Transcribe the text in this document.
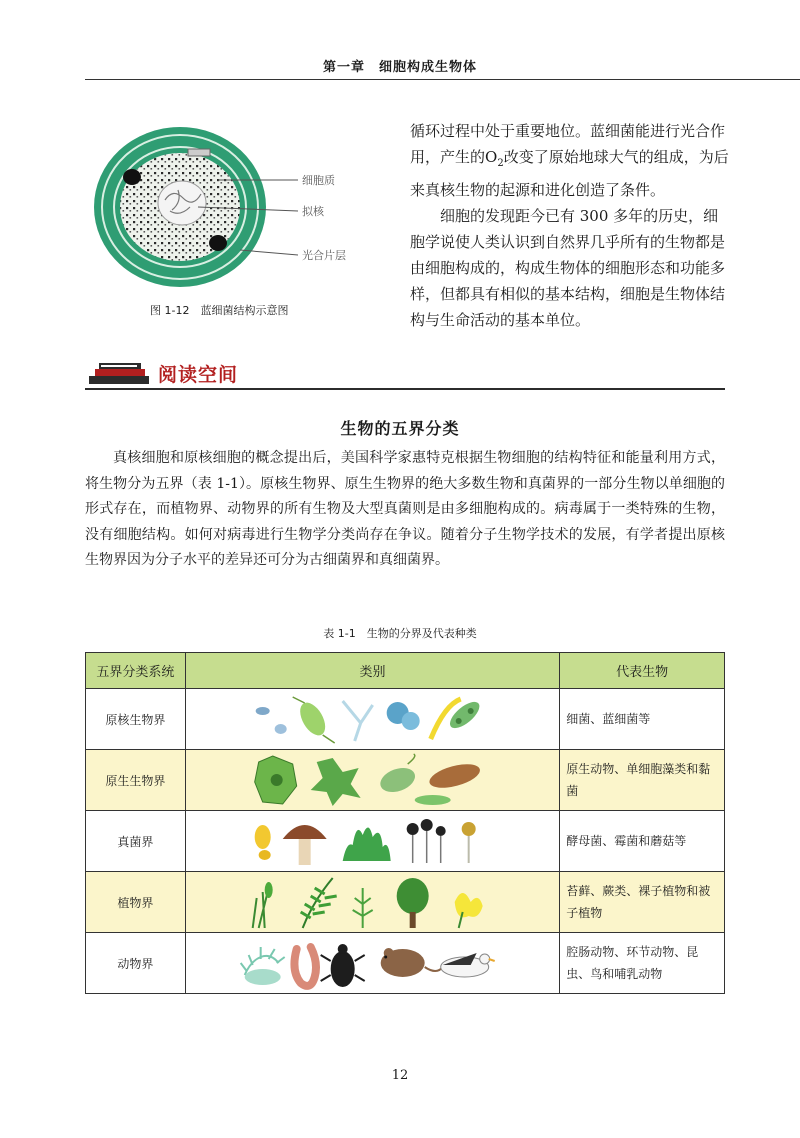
第一章　细胞构成生物体
细胞质
拟核
光合片层
图 1-12　蓝细菌结构示意图

循环过程中处于重要地位。蓝细菌能进行光合作用，产生的$O_2$改变了原始地球大气的组成，为后来真核生物的起源和进化创造了条件。

细胞的发现距今已有 300 多年的历史，细胞学说使人类认识到自然界几乎所有的生物都是由细胞构成的，构成生物体的细胞形态和功能多样，但都具有相似的基本结构，细胞是生物体结构与生命活动的基本单位。

阅读空间
生物的五界分类
真核细胞和原核细胞的概念提出后，美国科学家惠特克根据生物细胞的结构特征和能量利用方式，将生物分为五界（表 1-1）。原核生物界、原生生物界的绝大多数生物和真菌界的一部分生物以单细胞的形式存在，而植物界、动物界的所有生物及大型真菌则是由多细胞构成的。病毒属于一类特殊的生物，没有细胞结构。如何对病毒进行生物学分类尚存在争议。随着分子生物学技术的发展，有学者提出原核生物界因为分子水平的差异还可分为古细菌界和真细菌界。
表 1-1　生物的分界及代表种类
五界分类系统	类别	代表生物
原核生物界		细菌、蓝细菌等
原生生物界		原生动物、单细胞藻类和黏菌
真菌界		酵母菌、霉菌和蘑菇等
植物界		苔藓、蕨类、裸子植物和被子植物
动物界		腔肠动物、环节动物、昆虫、鸟和哺乳动物
12
